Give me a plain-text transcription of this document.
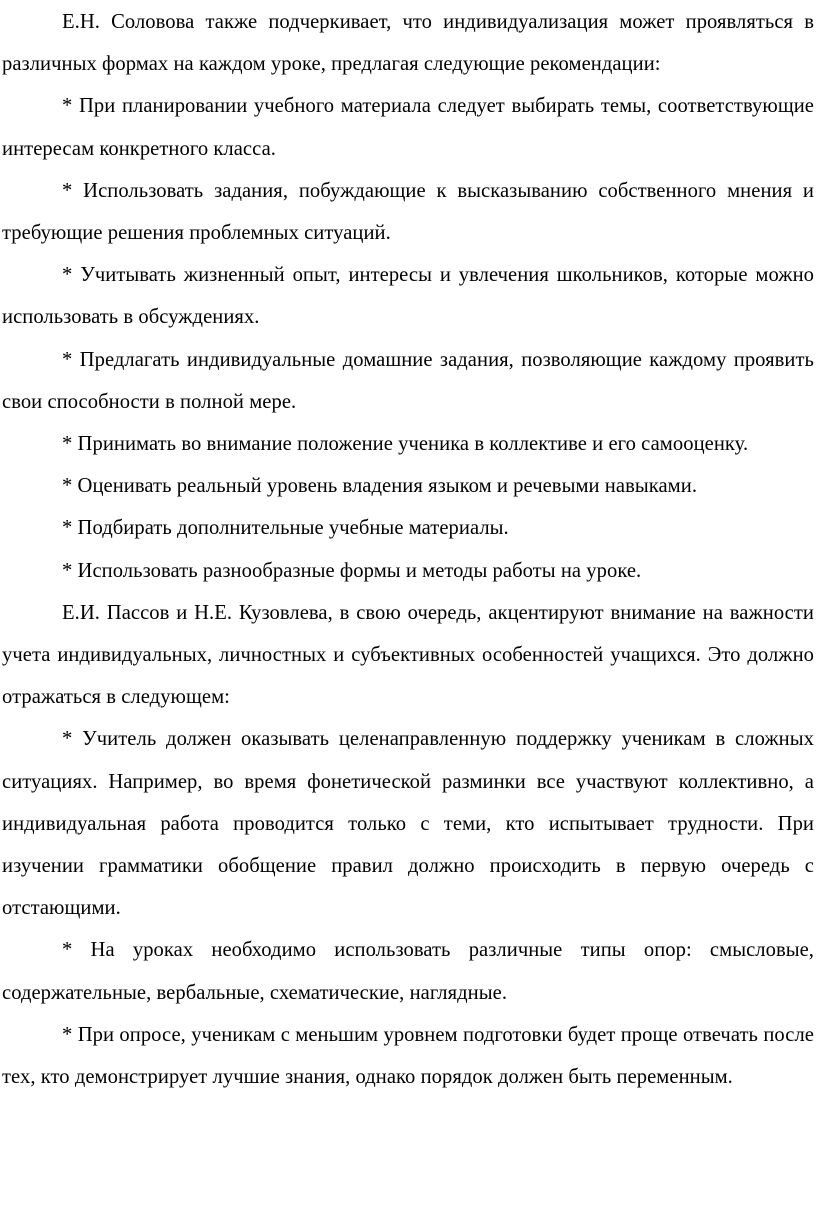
Е.Н. Соловова также подчеркивает, что индивидуализация может проявляться в различных формах на каждом уроке, предлагая следующие рекомендации:

* При планировании учебного материала следует выбирать темы, соответствующие интересам конкретного класса.

* Использовать задания, побуждающие к высказыванию собственного мнения и требующие решения проблемных ситуаций.

* Учитывать жизненный опыт, интересы и увлечения школьников, которые можно использовать в обсуждениях.

* Предлагать индивидуальные домашние задания, позволяющие каждому проявить свои способности в полной мере.

* Принимать во внимание положение ученика в коллективе и его самооценку.

* Оценивать реальный уровень владения языком и речевыми навыками.

* Подбирать дополнительные учебные материалы.

* Использовать разнообразные формы и методы работы на уроке.

Е.И. Пассов и Н.Е. Кузовлева, в свою очередь, акцентируют внимание на важности учета индивидуальных, личностных и субъективных особенностей учащихся. Это должно отражаться в следующем:

* Учитель должен оказывать целенаправленную поддержку ученикам в сложных ситуациях. Например, во время фонетической разминки все участвуют коллективно, а индивидуальная работа проводится только с теми, кто испытывает трудности. При изучении грамматики обобщение правил должно происходить в первую очередь с отстающими.

* На уроках необходимо использовать различные типы опор: смысловые, содержательные, вербальные, схематические, наглядные.

* При опросе, ученикам с меньшим уровнем подготовки будет проще отвечать после тех, кто демонстрирует лучшие знания, однако порядок должен быть переменным.
